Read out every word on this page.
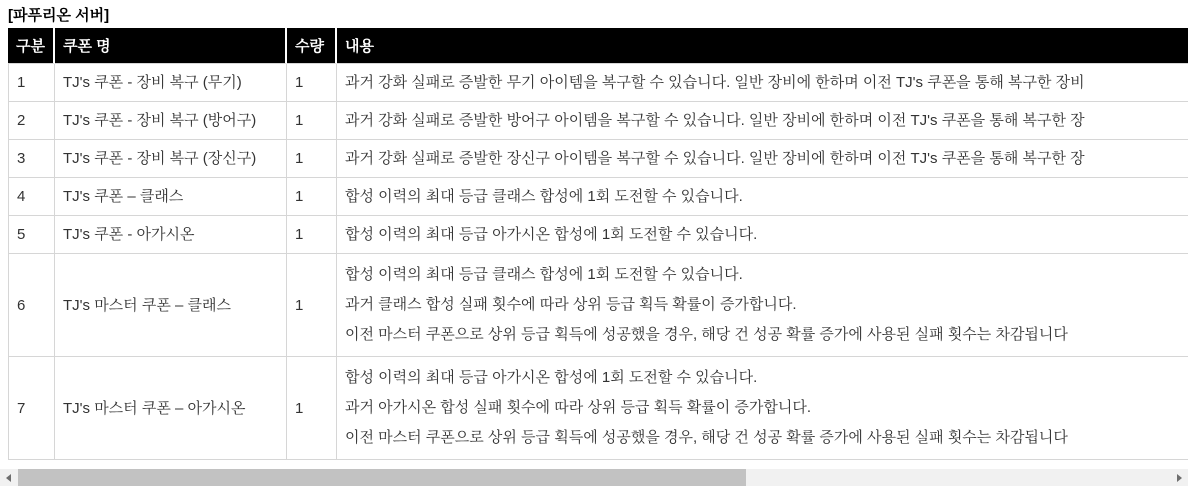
[파푸리온 서버]
구분	쿠폰 명	수량	내용
1	TJ's 쿠폰 - 장비 복구 (무기)	1	과거 강화 실패로 증발한 무기 아이템을 복구할 수 있습니다. 일반 장비에 한하며 이전 TJ's 쿠폰을 통해 복구한 장비

2	TJ's 쿠폰 - 장비 복구 (방어구)	1	과거 강화 실패로 증발한 방어구 아이템을 복구할 수 있습니다. 일반 장비에 한하며 이전 TJ's 쿠폰을 통해 복구한 장

3	TJ's 쿠폰 - 장비 복구 (장신구)	1	과거 강화 실패로 증발한 장신구 아이템을 복구할 수 있습니다. 일반 장비에 한하며 이전 TJ's 쿠폰을 통해 복구한 장

4	TJ's 쿠폰 – 클래스	1	합성 이력의 최대 등급 클래스 합성에 1회 도전할 수 있습니다.

5	TJ's 쿠폰 - 아가시온	1	합성 이력의 최대 등급 아가시온 합성에 1회 도전할 수 있습니다.

6	TJ's 마스터 쿠폰 – 클래스	1	합성 이력의 최대 등급 클래스 합성에 1회 도전할 수 있습니다.
과거 클래스 합성 실패 횟수에 따라 상위 등급 획득 확률이 증가합니다.
이전 마스터 쿠폰으로 상위 등급 획득에 성공했을 경우, 해당 건 성공 확률 증가에 사용된 실패 횟수는 차감됩니다

7	TJ's 마스터 쿠폰 – 아가시온	1	합성 이력의 최대 등급 아가시온 합성에 1회 도전할 수 있습니다.
과거 아가시온 합성 실패 횟수에 따라 상위 등급 획득 확률이 증가합니다.
이전 마스터 쿠폰으로 상위 등급 획득에 성공했을 경우, 해당 건 성공 확률 증가에 사용된 실패 횟수는 차감됩니다
